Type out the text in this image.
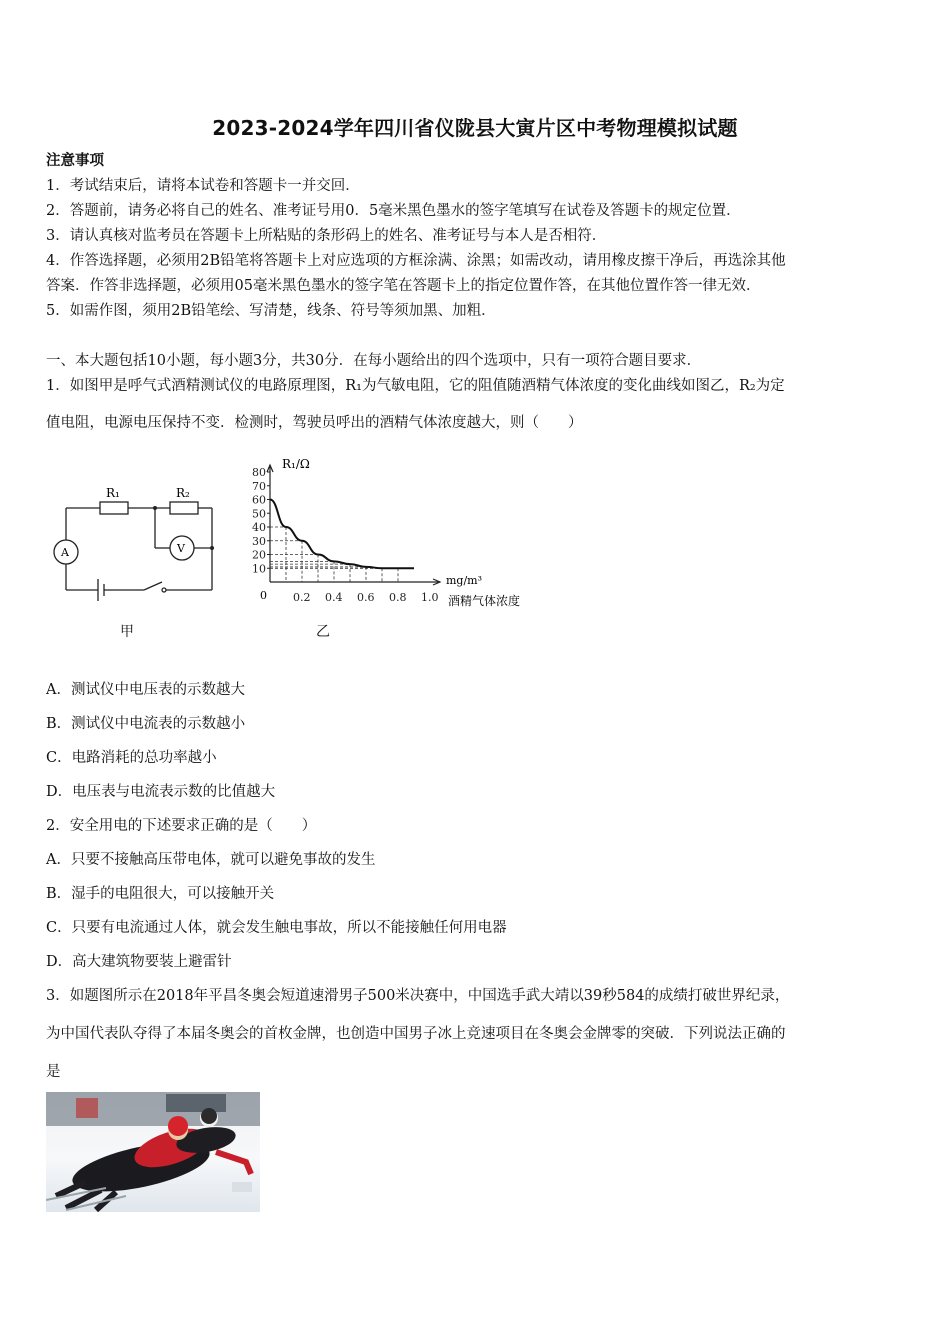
2023-2024学年四川省仪陇县大寅片区中考物理模拟试题
注意事项
1．考试结束后，请将本试卷和答题卡一并交回．
2．答题前，请务必将自己的姓名、准考证号用0．5毫米黑色墨水的签字笔填写在试卷及答题卡的规定位置．
3．请认真核对监考员在答题卡上所粘贴的条形码上的姓名、准考证号与本人是否相符．
4．作答选择题，必须用2B铅笔将答题卡上对应选项的方框涂满、涂黑；如需改动，请用橡皮擦干净后，再选涂其他
答案．作答非选择题，必须用05毫米黑色墨水的签字笔在答题卡上的指定位置作答，在其他位置作答一律无效．
5．如需作图，须用2B铅笔绘、写清楚，线条、符号等须加黑、加粗．
一、本大题包括10小题，每小题3分，共30分．在每小题给出的四个选项中，只有一项符合题目要求．
1．如图甲是呼气式酒精测试仪的电路原理图，R₁为气敏电阻，它的阻值随酒精气体浓度的变化曲线如图乙，R₂为定
值电阻，电源电压保持不变．检测时，驾驶员呼出的酒精气体浓度越大，则（　　）
R₁	R₂
A	V
甲
10
20
30
40
50
60
70
80
0.2 0.4 0.6 0.8 1.0
R₁/Ω
mg/m³
酒精气体浓度
0
乙
A．测试仪中电压表的示数越大
B．测试仪中电流表的示数越小
C．电路消耗的总功率越小
D．电压表与电流表示数的比值越大
2．安全用电的下述要求正确的是（　　）
A．只要不接触高压带电体，就可以避免事故的发生
B．湿手的电阻很大，可以接触开关
C．只要有电流通过人体，就会发生触电事故，所以不能接触任何用电器
D．高大建筑物要装上避雷针
3．如题图所示在2018年平昌冬奥会短道速滑男子500米决赛中，中国选手武大靖以39秒584的成绩打破世界纪录，
为中国代表队夺得了本届冬奥会的首枚金牌，也创造中国男子冰上竞速项目在冬奥会金牌零的突破．下列说法正确的
是
